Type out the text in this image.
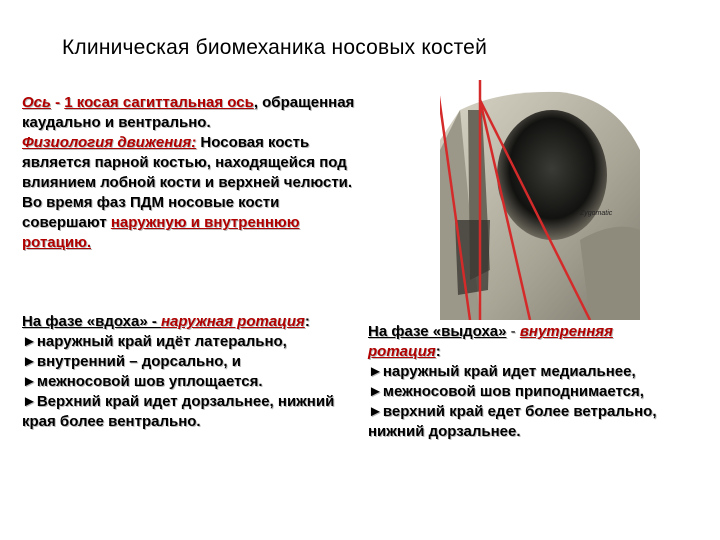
Клиническая биомеханика носовых костей
Ось - 1 косая сагиттальная ось, обращенная каудально и вентрально.
Физиология движения: Носовая кость является парной костью, находящейся под влиянием лобной кости и верхней челюсти. Во время фаз ПДМ носовые кости совершают наружную и внутреннюю ротацию.
На фазе «вдоха» - наружная ротация:
►наружный край идёт латерально,
►внутренний – дорсально, и
►межносовой шов уплощается.
►Верхний край идет дорзальнее, нижний края более вентрально.
На фазе «выдоха» - внутренняя
ротация:
►наружный край идет медиальнее,
►межносовой шов приподнимается,
►верхний край едет более ветрально, нижний дорзальнее.
Zygomatic
